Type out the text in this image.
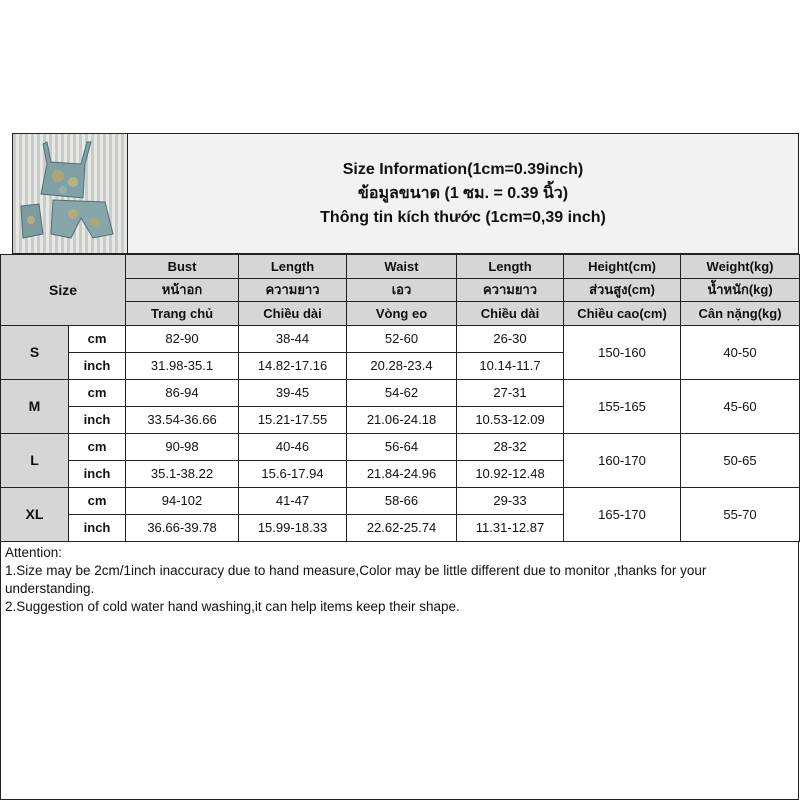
Size Information(1cm=0.39inch)
ข้อมูลขนาด (1 ซม. = 0.39 นิ้ว)
Thông tin kích thước (1cm=0,39 inch)
Size		Bust	Length	Waist	Length	Height(cm)	Weight(kg)
		หน้าอก	ความยาว	เอว	ความยาว	ส่วนสูง(cm)	น้ำหนัก(kg)
		Trang chủ	Chiều dài	Vòng eo	Chiều dài	Chiều cao(cm)	Cân nặng(kg)
S	cm	82-90	38-44	52-60	26-30	150-160	40-50
	inch	31.98-35.1	14.82-17.16	20.28-23.4	10.14-11.7		
M	cm	86-94	39-45	54-62	27-31	155-165	45-60
	inch	33.54-36.66	15.21-17.55	21.06-24.18	10.53-12.09		
L	cm	90-98	40-46	56-64	28-32	160-170	50-65
	inch	35.1-38.22	15.6-17.94	21.84-24.96	10.92-12.48		
XL	cm	94-102	41-47	58-66	29-33	165-170	55-70
	inch	36.66-39.78	15.99-18.33	22.62-25.74	11.31-12.87		
Attention:
1.Size may be 2cm/1inch inaccuracy due to hand measure,Color may be little different due to monitor ,thanks for your understanding.
2.Suggestion of cold water hand washing,it can help items keep their shape.
